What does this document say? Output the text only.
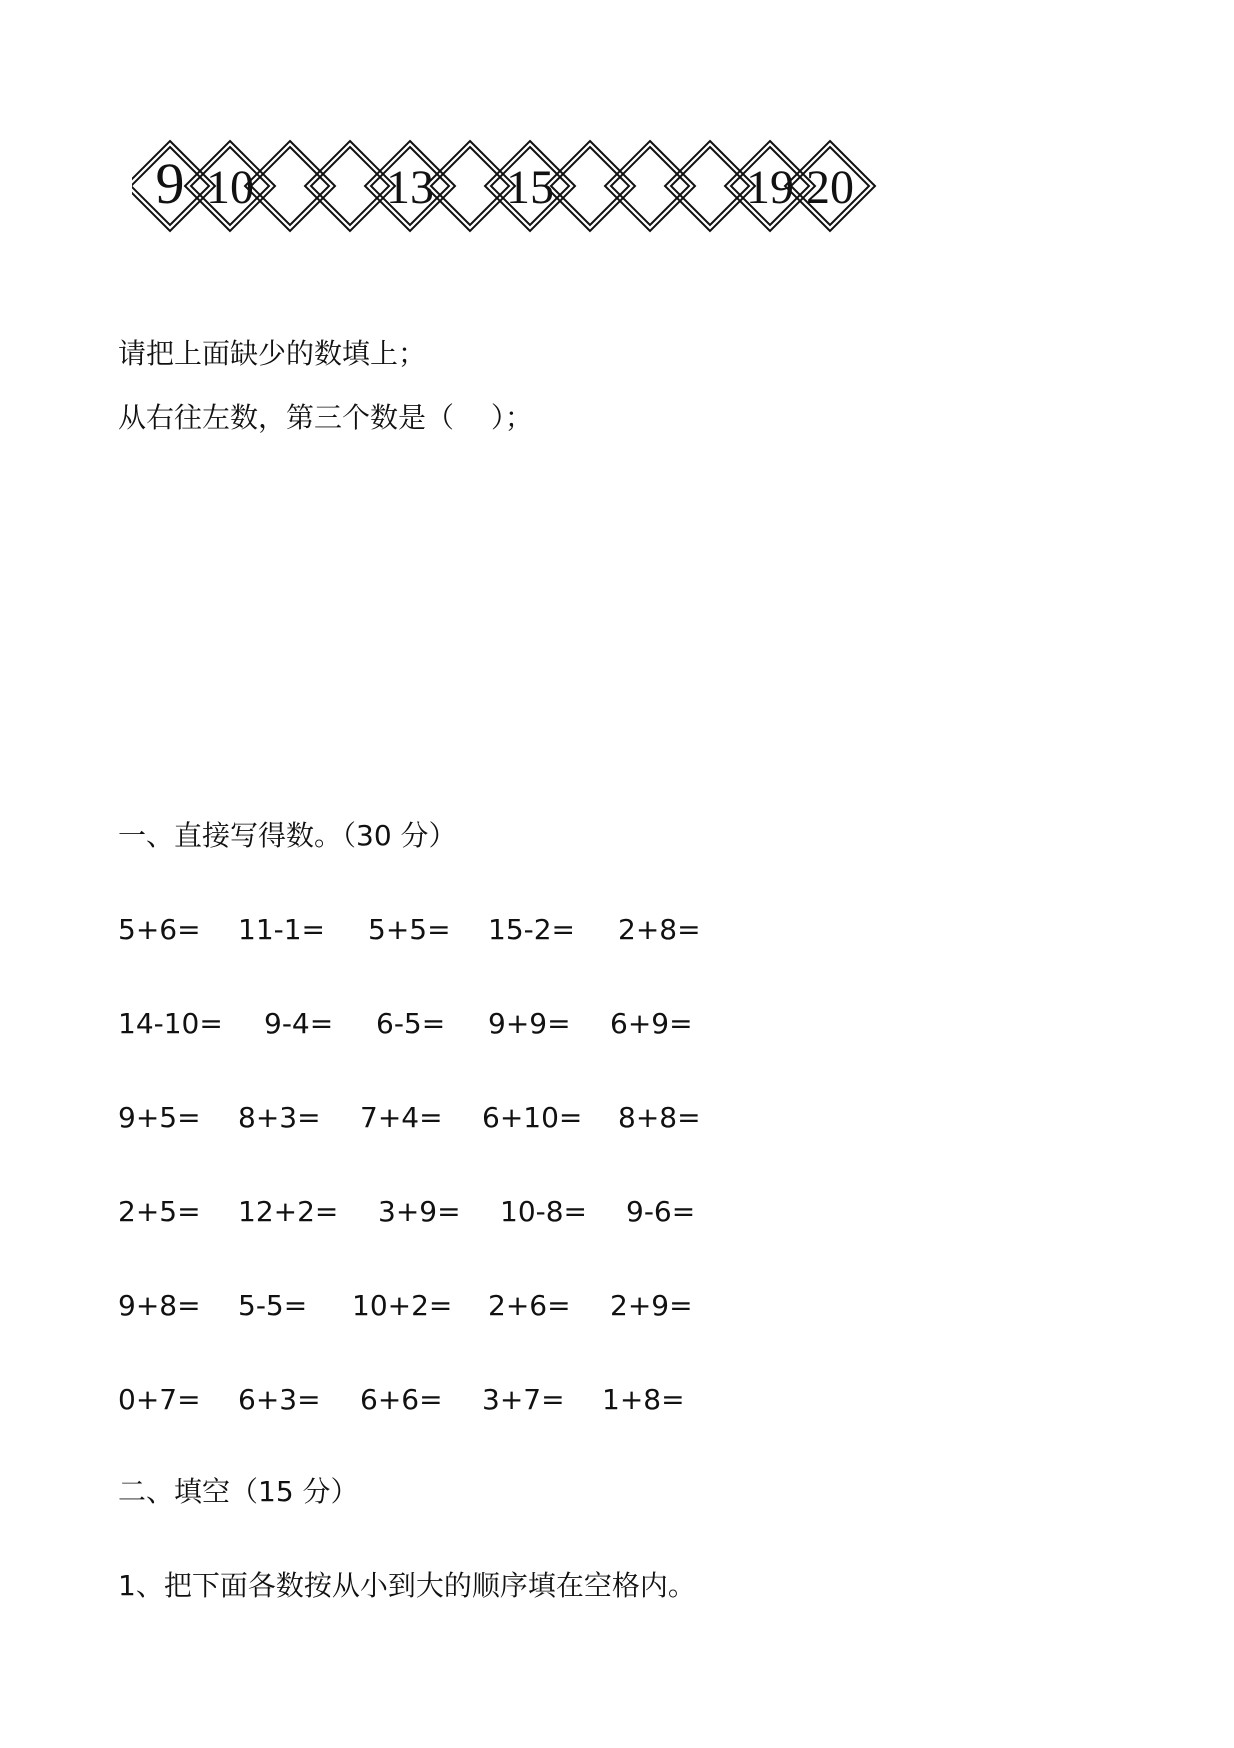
9 10	13 15	19 20

请把上面缺少的数填上；

从右往左数，第三个数是（　 ）；

一、直接写得数。（30 分）

5+6= 11-1= 5+5= 15-2= 2+8=
14-10= 9-4= 6-5= 9+9= 6+9=
9+5= 8+3= 7+4= 6+10= 8+8=
2+5= 12+2= 3+9= 10-8= 9-6=
9+8= 5-5= 10+2= 2+6= 2+9=
0+7= 6+3= 6+6= 3+7= 1+8=

二、填空（15 分）

1、把下面各数按从小到大的顺序填在空格内。
